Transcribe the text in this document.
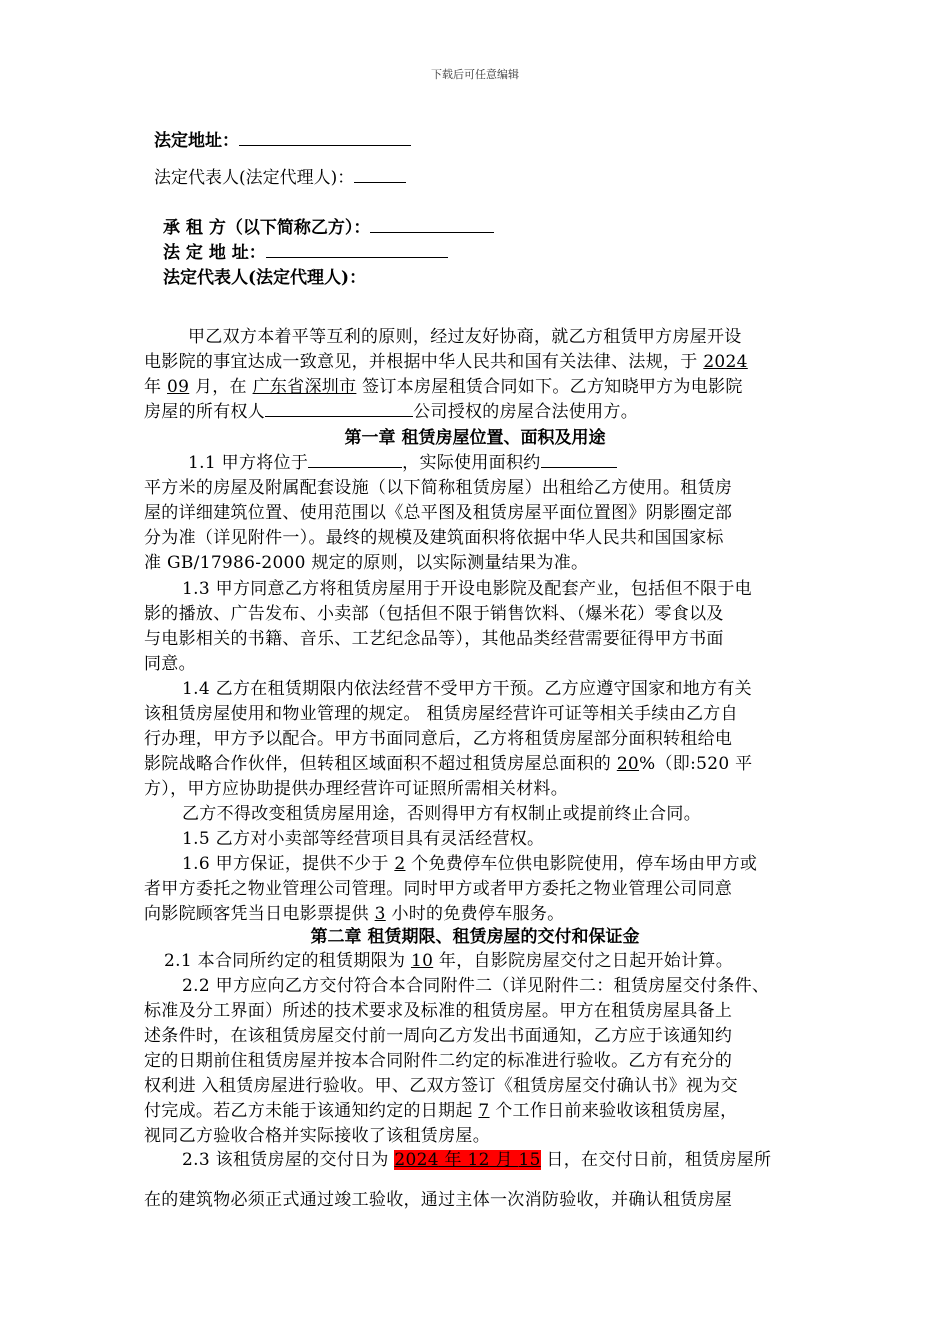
下载后可任意编辑
法定地址：
法定代表人(法定代理人)：
承 租 方（以下简称乙方）：
法 定 地 址：
法定代表人(法定代理人)：
甲乙双方本着平等互利的原则，经过友好协商，就乙方租赁甲方房屋开设
电影院的事宜达成一致意见，并根据中华人民共和国有关法律、法规，于 2024
年 09 月，在 广东省深圳市 签订本房屋租赁合同如下。乙方知晓甲方为电影院
房屋的所有权人	公司授权的房屋合法使用方。
第一章 租赁房屋位置、面积及用途
1.1 甲方将位于	，实际使用面积约
平方米的房屋及附属配套设施（以下简称租赁房屋）出租给乙方使用。租赁房
屋的详细建筑位置、使用范围以《总平图及租赁房屋平面位置图》阴影圈定部
分为准（详见附件一）。最终的规模及建筑面积将依据中华人民共和国国家标
准 GB/17986-2000 规定的原则，以实际测量结果为准。
1.3 甲方同意乙方将租赁房屋用于开设电影院及配套产业，包括但不限于电
影的播放、广告发布、小卖部（包括但不限于销售饮料、（爆米花）零食以及
与电影相关的书籍、音乐、工艺纪念品等），其他品类经营需要征得甲方书面
同意。
1.4 乙方在租赁期限内依法经营不受甲方干预。乙方应遵守国家和地方有关
该租赁房屋使用和物业管理的规定。 租赁房屋经营许可证等相关手续由乙方自
行办理，甲方予以配合。甲方书面同意后，乙方将租赁房屋部分面积转租给电
影院战略合作伙伴，但转租区域面积不超过租赁房屋总面积的 20%（即:520 平
方），甲方应协助提供办理经营许可证照所需相关材料。
乙方不得改变租赁房屋用途，否则得甲方有权制止或提前终止合同。
1.5 乙方对小卖部等经营项目具有灵活经营权。
1.6 甲方保证，提供不少于 2 个免费停车位供电影院使用，停车场由甲方或
者甲方委托之物业管理公司管理。同时甲方或者甲方委托之物业管理公司同意
向影院顾客凭当日电影票提供 3 小时的免费停车服务。
第二章 租赁期限、租赁房屋的交付和保证金
2.1 本合同所约定的租赁期限为 10 年，自影院房屋交付之日起开始计算。
2.2 甲方应向乙方交付符合本合同附件二（详见附件二：租赁房屋交付条件、
标准及分工界面）所述的技术要求及标准的租赁房屋。甲方在租赁房屋具备上
述条件时，在该租赁房屋交付前一周向乙方发出书面通知，乙方应于该通知约
定的日期前住租赁房屋并按本合同附件二约定的标准进行验收。乙方有充分的
权利进 入租赁房屋进行验收。甲、乙双方签订《租赁房屋交付确认书》视为交
付完成。若乙方未能于该通知约定的日期起 7 个工作日前来验收该租赁房屋，
视同乙方验收合格并实际接收了该租赁房屋。
2.3 该租赁房屋的交付日为 2024 年 12 月 15 日，在交付日前，租赁房屋所
在的建筑物必须正式通过竣工验收，通过主体一次消防验收，并确认租赁房屋
